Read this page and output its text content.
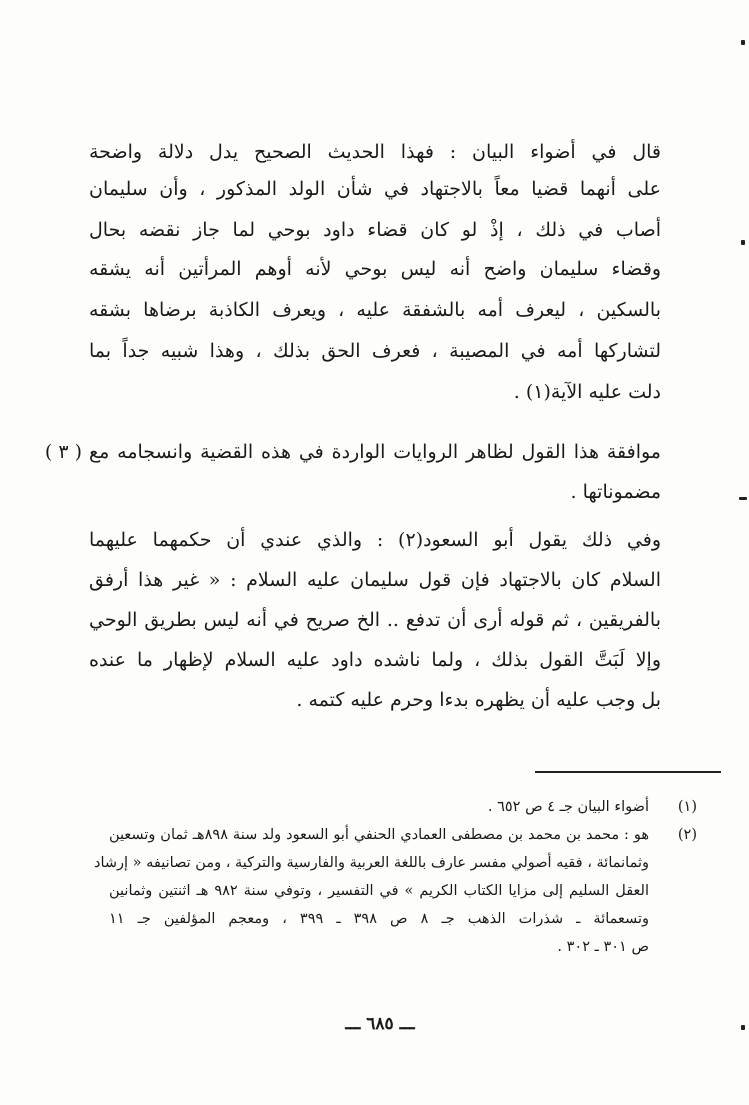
قال في أضواء البيان : فهذا الحديث الصحيح يدل دلالة واضحة
على أنهما قضيا معاً بالاجتهاد في شأن الولد المذكور ، وأن سليمان
أصاب في ذلك ، إذْ لو كان قضاء داود بوحي لما جاز نقضه بحال
وقضاء سليمان واضح أنه ليس بوحي لأنه أوهم المرأتين أنه يشقه
بالسكين ، ليعرف أمه بالشفقة عليه ، ويعرف الكاذبة برضاها بشقه
لتشاركها أمه في المصيبة ، فعرف الحق بذلك ، وهذا شبيه جداً بما
دلت عليه الآية(١) .
( ٣ ) موافقة هذا القول لظاهر الروايات الواردة في هذه القضية وانسجامه مع
مضموناتها .
وفي ذلك يقول أبو السعود(٢) : والذي عندي أن حكمهما عليهما
السلام كان بالاجتهاد فإن قول سليمان عليه السلام : « غير هذا أرفق
بالفريقين ، ثم قوله أرى أن تدفع .. الخ صريح في أنه ليس بطريق الوحي
وإلا لَبَتَّ القول بذلك ، ولما ناشده داود عليه السلام لإظهار ما عنده
بل وجب عليه أن يظهره بدءا وحرم عليه كتمه .
(١)
أضواء البيان جـ ٤ ص ٦٥٢ .
(٢)
هو : محمد بن محمد بن مصطفى العمادي الحنفي أبو السعود ولد سنة ٨٩٨هـ ثمان وتسعين
وثمانمائة ، فقيه أصولي مفسر عارف باللغة العربية والفارسية والتركية ، ومن تصانيفه « إرشاد
العقل السليم إلى مزايا الكتاب الكريم » في التفسير ، وتوفي سنة ٩٨٢ هـ اثنتين وثمانين
وتسعمائة ـ شذرات الذهب جـ ٨ ص ٣٩٨ ـ ٣٩٩ ، ومعجم المؤلفين جـ ١١
ص ٣٠١ ـ ٣٠٢ .
ـــ ٦٨٥ ـــ
